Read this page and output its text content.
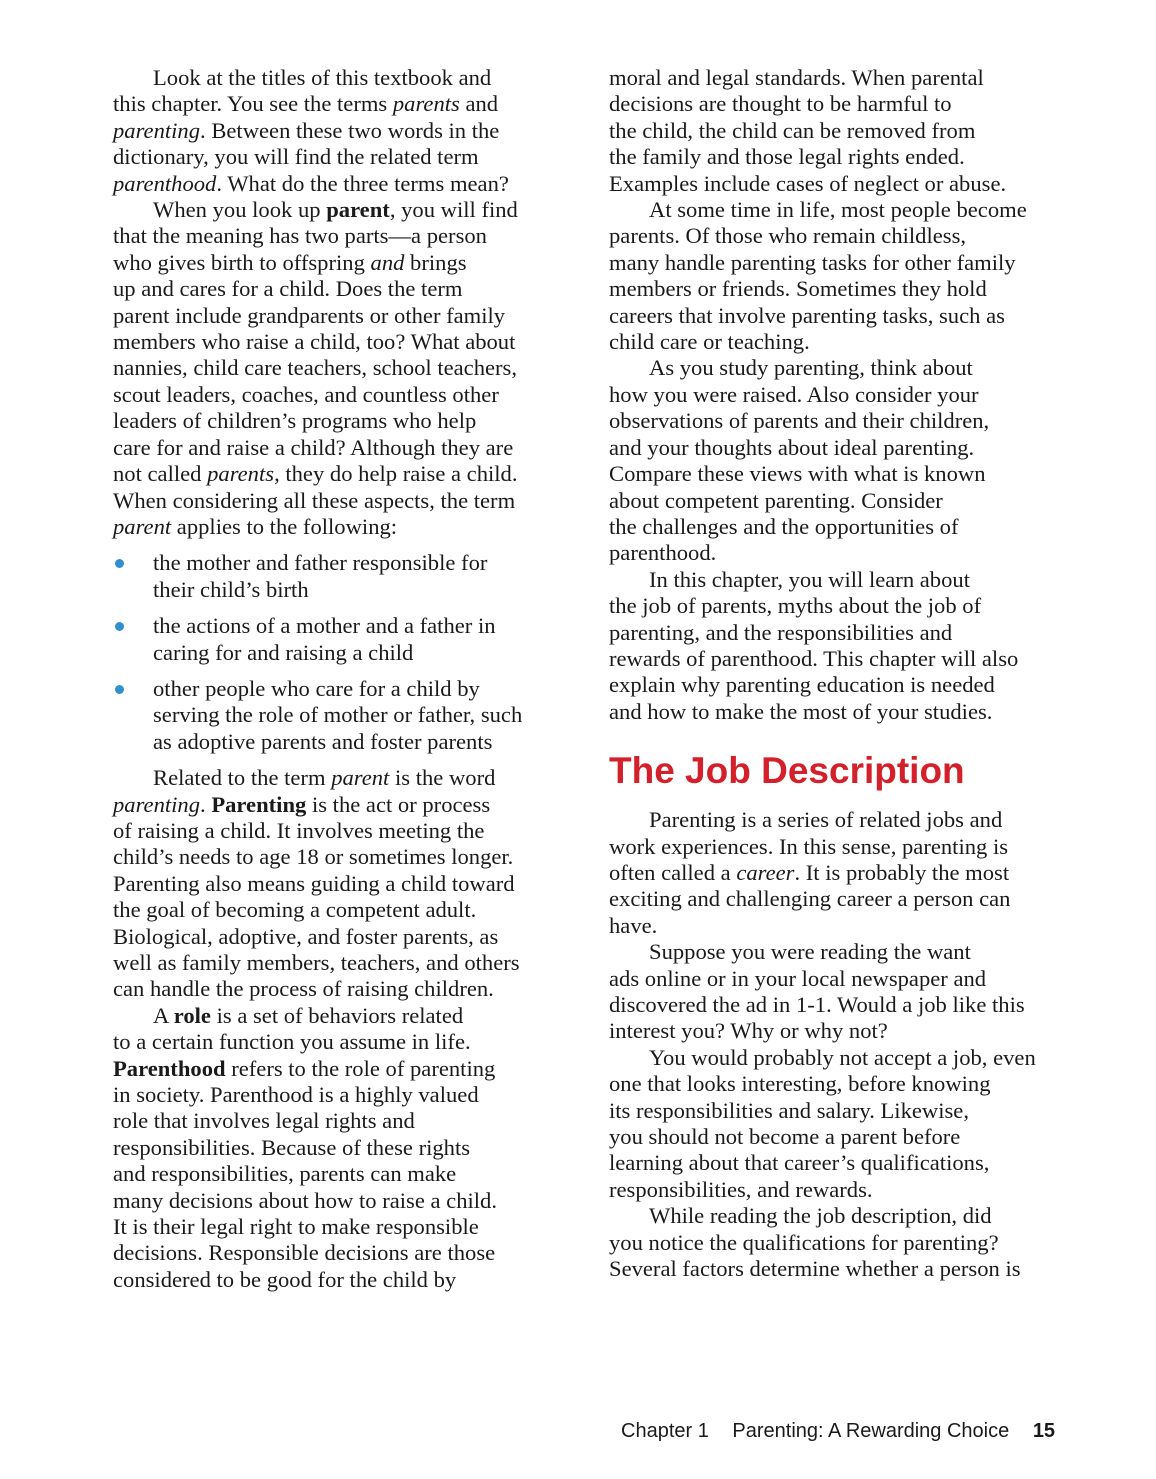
Look at the titles of this textbook and
this chapter. You see the terms parents and
parenting. Between these two words in the
dictionary, you will find the related term
parenthood. What do the three terms mean?
When you look up parent, you will find
that the meaning has two parts—a person
who gives birth to offspring and brings
up and cares for a child. Does the term
parent include grandparents or other family
members who raise a child, too? What about
nannies, child care teachers, school teachers,
scout leaders, coaches, and countless other
leaders of children’s programs who help
care for and raise a child? Although they are
not called parents, they do help raise a child.
When considering all these aspects, the term
parent applies to the following:
the mother and father responsible for
their child’s birth
the actions of a mother and a father in
caring for and raising a child
other people who care for a child by
serving the role of mother or father, such
as adoptive parents and foster parents
Related to the term parent is the word
parenting. Parenting is the act or process
of raising a child. It involves meeting the
child’s needs to age 18 or sometimes longer.
Parenting also means guiding a child toward
the goal of becoming a competent adult.
Biological, adoptive, and foster parents, as
well as family members, teachers, and others
can handle the process of raising children.
A role is a set of behaviors related
to a certain function you assume in life.
Parenthood refers to the role of parenting
in society. Parenthood is a highly valued
role that involves legal rights and
responsibilities. Because of these rights
and responsibilities, parents can make
many decisions about how to raise a child.
It is their legal right to make responsible
decisions. Responsible decisions are those
considered to be good for the child by
moral and legal standards. When parental
decisions are thought to be harmful to
the child, the child can be removed from
the family and those legal rights ended.
Examples include cases of neglect or abuse.
At some time in life, most people become
parents. Of those who remain childless,
many handle parenting tasks for other family
members or friends. Sometimes they hold
careers that involve parenting tasks, such as
child care or teaching.
As you study parenting, think about
how you were raised. Also consider your
observations of parents and their children,
and your thoughts about ideal parenting.
Compare these views with what is known
about competent parenting. Consider
the challenges and the opportunities of
parenthood.
In this chapter, you will learn about
the job of parents, myths about the job of
parenting, and the responsibilities and
rewards of parenthood. This chapter will also
explain why parenting education is needed
and how to make the most of your studies.
The Job Description
Parenting is a series of related jobs and
work experiences. In this sense, parenting is
often called a career. It is probably the most
exciting and challenging career a person can
have.
Suppose you were reading the want
ads online or in your local newspaper and
discovered the ad in 1-1. Would a job like this
interest you? Why or why not?
You would probably not accept a job, even
one that looks interesting, before knowing
its responsibilities and salary. Likewise,
you should not become a parent before
learning about that career’s qualifications,
responsibilities, and rewards.
While reading the job description, did
you notice the qualifications for parenting?
Several factors determine whether a person is
Chapter 1 Parenting: A Rewarding Choice 15
